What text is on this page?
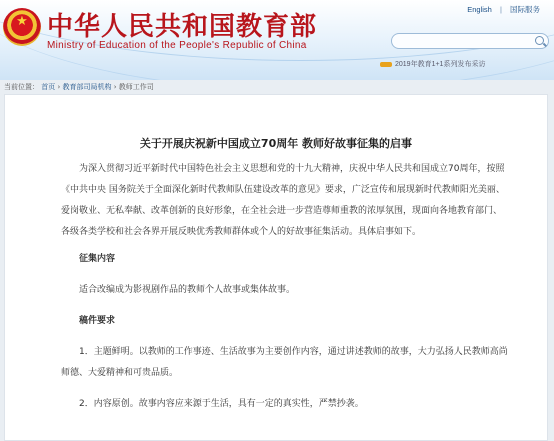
★ 中华人民共和国教育部
Ministry of Education of the People's Republic of China
English | 国际服务
2019年教育1+1系列发布采访
当前位置： 首页 › 教育部司局机构 › 教师工作司
关于开展庆祝新中国成立70周年 教师好故事征集的启事
为深入贯彻习近平新时代中国特色社会主义思想和党的十九大精神，庆祝中华人民共和国成立70周年，按照《中共中央 国务院关于全面深化新时代教师队伍建设改革的意见》要求，广泛宣传和展现新时代教师阳光美丽、爱岗敬业、无私奉献、改革创新的良好形象，在全社会进一步营造尊师重教的浓厚氛围，现面向各地教育部门、各级各类学校和社会各界开展反映优秀教师群体或个人的好故事征集活动。具体启事如下。
征集内容
适合改编成为影视剧作品的教师个人故事或集体故事。
稿件要求
1．主题鲜明。以教师的工作事迹、生活故事为主要创作内容，通过讲述教师的故事，大力弘扬人民教师高尚师德、大爱精神和可贵品质。
2．内容原创。故事内容应来源于生活，具有一定的真实性，严禁抄袭。
